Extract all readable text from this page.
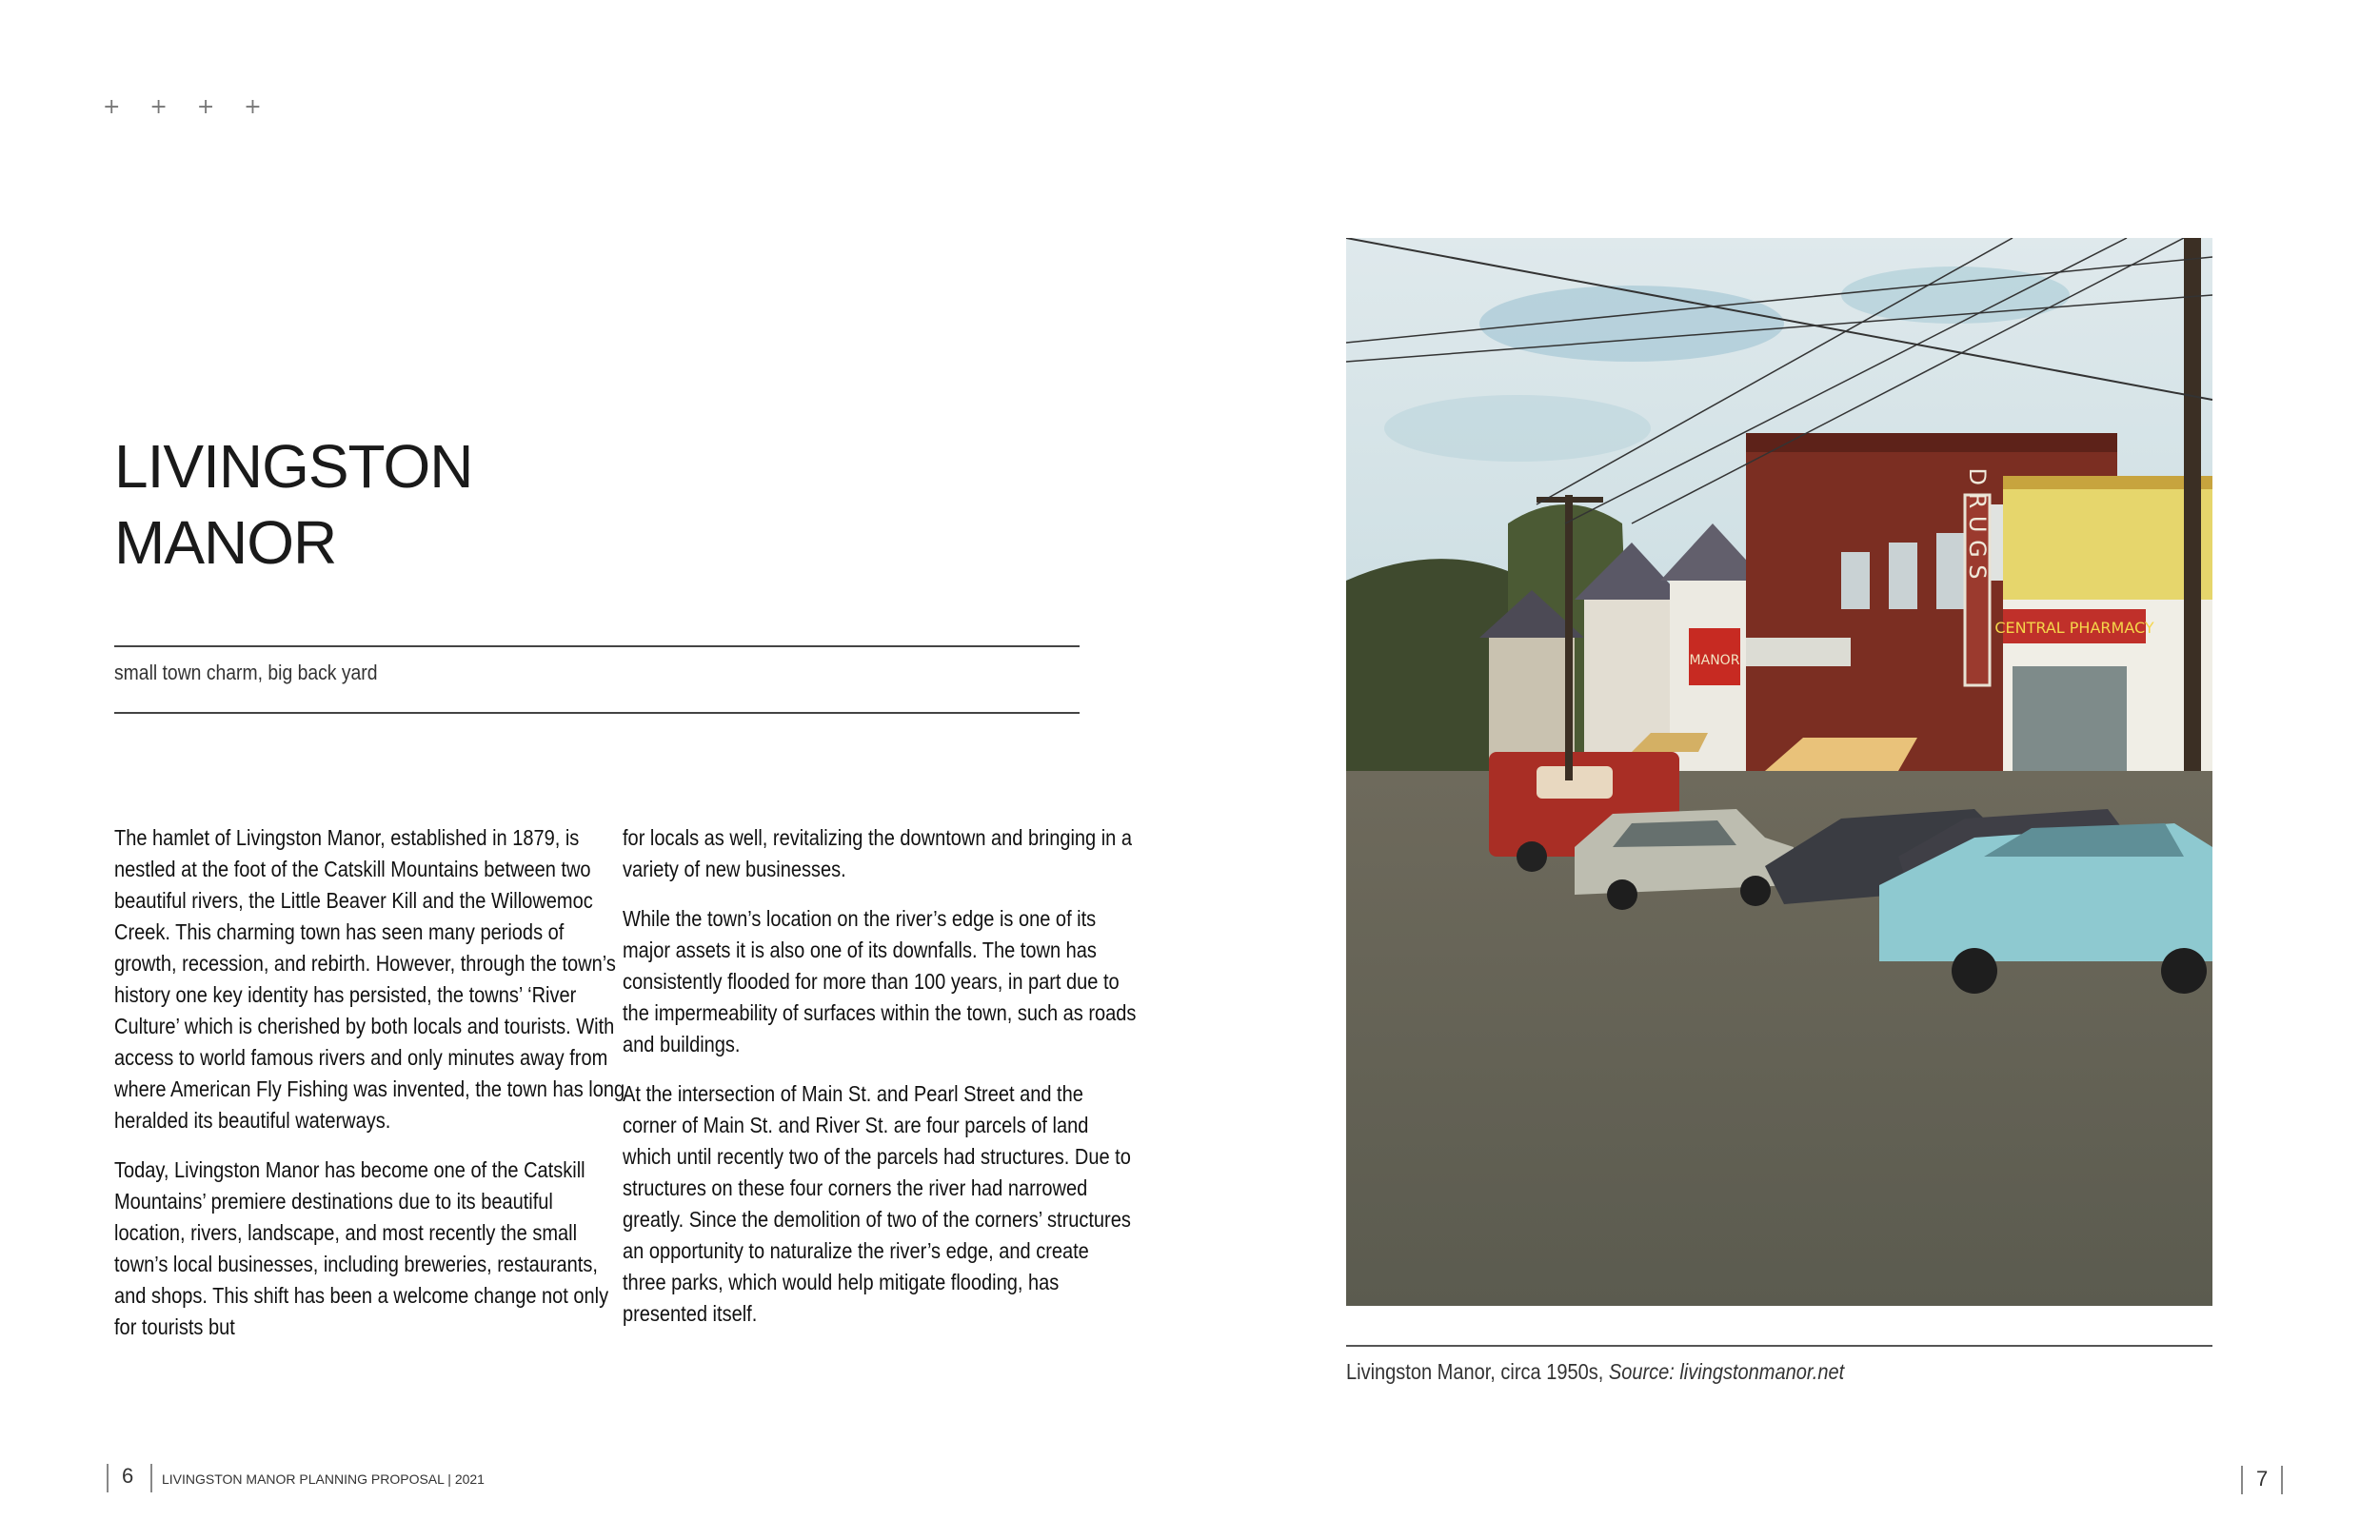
+ + + +
LIVINGSTON
MANOR
small town charm, big back yard

The hamlet of Livingston Manor, established in 1879, is nestled at the foot of the Catskill Mountains between two beautiful rivers, the Little Beaver Kill and the Willowemoc Creek. This charming town has seen many periods of growth, recession, and rebirth. However, through the town’s history one key identity has persisted, the towns’ ‘River Culture’ which is cherished by both locals and tourists. With access to world famous rivers and only minutes away from where American Fly Fishing was invented, the town has long heralded its beautiful waterways.

Today, Livingston Manor has become one of the Catskill Mountains’ premiere destinations due to its beautiful location, rivers, landscape, and most recently the small town’s local businesses, including breweries, restaurants, and shops. This shift has been a welcome change not only for tourists but

for locals as well, revitalizing the downtown and bringing in a variety of new businesses.

While the town’s location on the river’s edge is one of its major assets it is also one of its downfalls. The town has consistently flooded for more than 100 years, in part due to the impermeability of surfaces within the town, such as roads and buildings.

At the intersection of Main St. and Pearl Street and the corner of Main St. and River St. are four parcels of land which until recently two of the parcels had structures. Due to structures on these four corners the river had narrowed greatly. Since the demolition of two of the corners’ structures an opportunity to naturalize the river’s edge, and create three parks, which would help mitigate flooding, has presented itself.

D R U G S
CENTRAL PHARMACY
MANOR
Livingston Manor, circa 1950s, Source: livingstonmanor.net
6 LIVINGSTON MANOR PLANNING PROPOSAL | 2021	7
